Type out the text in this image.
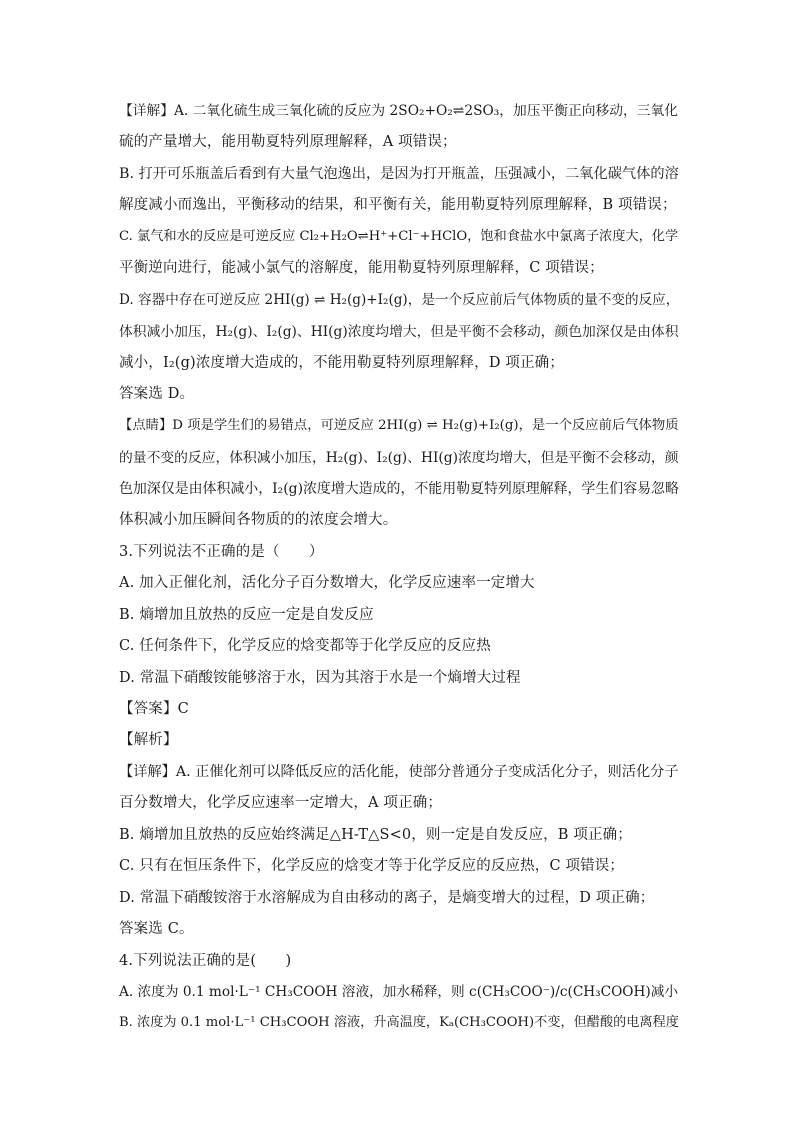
【详解】A. 二氧化硫生成三氧化硫的反应为 2SO₂+O₂⇌2SO₃，加压平衡正向移动，三氧化
硫的产量增大，能用勒夏特列原理解释，A 项错误；
B. 打开可乐瓶盖后看到有大量气泡逸出，是因为打开瓶盖，压强减小，二氧化碳气体的溶
解度减小而逸出，平衡移动的结果，和平衡有关，能用勒夏特列原理解释，B 项错误；
C. 氯气和水的反应是可逆反应 Cl₂+H₂O⇌H⁺+Cl⁻+HClO，饱和食盐水中氯离子浓度大，化学
平衡逆向进行，能减小氯气的溶解度，能用勒夏特列原理解释，C 项错误；
D. 容器中存在可逆反应 2HI(g) ⇌ H₂(g)+I₂(g)，是一个反应前后气体物质的量不变的反应，
体积减小加压，H₂(g)、I₂(g)、HI(g)浓度均增大，但是平衡不会移动，颜色加深仅是由体积
减小，I₂(g)浓度增大造成的，不能用勒夏特列原理解释，D 项正确；
答案选 D。
【点睛】D 项是学生们的易错点，可逆反应 2HI(g) ⇌ H₂(g)+I₂(g)，是一个反应前后气体物质
的量不变的反应，体积减小加压，H₂(g)、I₂(g)、HI(g)浓度均增大，但是平衡不会移动，颜
色加深仅是由体积减小，I₂(g)浓度增大造成的，不能用勒夏特列原理解释，学生们容易忽略
体积减小加压瞬间各物质的的浓度会增大。
3.下列说法不正确的是（　　）
A. 加入正催化剂，活化分子百分数增大，化学反应速率一定增大
B. 熵增加且放热的反应一定是自发反应
C. 任何条件下，化学反应的焓变都等于化学反应的反应热
D. 常温下硝酸铵能够溶于水，因为其溶于水是一个熵增大过程
【答案】C
【解析】
【详解】A. 正催化剂可以降低反应的活化能，使部分普通分子变成活化分子，则活化分子
百分数增大，化学反应速率一定增大，A 项正确；
B. 熵增加且放热的反应始终满足△H-T△S<0，则一定是自发反应，B 项正确；
C. 只有在恒压条件下，化学反应的焓变才等于化学反应的反应热，C 项错误；
D. 常温下硝酸铵溶于水溶解成为自由移动的离子，是熵变增大的过程，D 项正确；
答案选 C。
4.下列说法正确的是(　　)
A. 浓度为 0.1 mol·L⁻¹ CH₃COOH 溶液，加水稀释，则 c(CH₃COO⁻)/c(CH₃COOH)减小
B. 浓度为 0.1 mol·L⁻¹ CH₃COOH 溶液，升高温度，Kₐ(CH₃COOH)不变，但醋酸的电离程度
